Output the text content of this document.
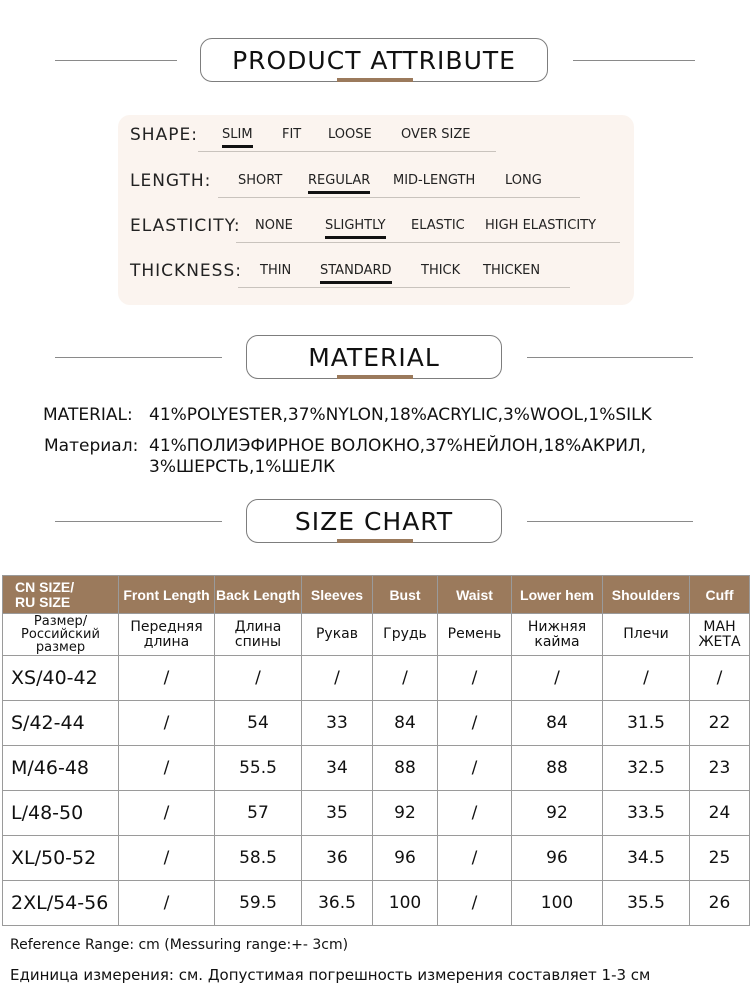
PRODUCT ATTRIBUTE
SHAPE: SLIM FIT LOOSE OVER SIZE
LENGTH: SHORT REGULAR MID-LENGTH LONG
ELASTICITY: NONE SLIGHTLY ELASTIC HIGH ELASTICITY
THICKNESS: THIN STANDARD THICK THICKEN
MATERIAL
MATERIAL: 41%POLYESTER,37%NYLON,18%ACRYLIC,3%WOOL,1%SILK
Материал: 41%ПОЛИЭФИРНОЕ ВОЛОКНО,37%НЕЙЛОН,18%АКРИЛ,
3%ШЕРСТЬ,1%ШЕЛК
SIZE CHART
CN SIZE/
RU SIZE	Front Length	Back Length	Sleeves	Bust	Waist	Lower hem	Shoulders	Cuff
Размер/
Российский
размер	Передняя
длина	Длина
спины	Рукав	Грудь	Ремень	Нижняя
кайма	Плечи	МАН
ЖЕТА
XS/40-42	/	/	/	/	/	/	/	/
S/42-44	/	54	33	84	/	84	31.5	22
M/46-48	/	55.5	34	88	/	88	32.5	23
L/48-50	/	57	35	92	/	92	33.5	24
XL/50-52	/	58.5	36	96	/	96	34.5	25
2XL/54-56	/	59.5	36.5	100	/	100	35.5	26
Reference Range: cm (Messuring range:+- 3cm)
Единица измерения: см. Допустимая погрешность измерения составляет 1-3 см
